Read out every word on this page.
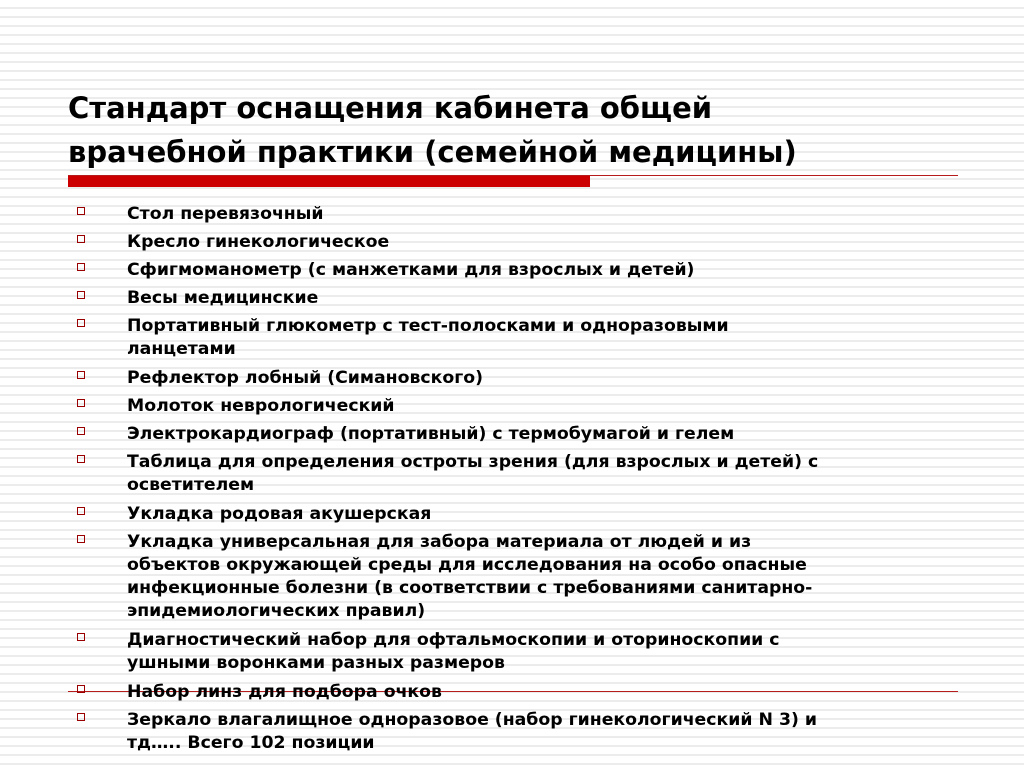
Стандарт оснащения кабинета общей
врачебной практики (семейной медицины)
Стол перевязочный
Кресло гинекологическое
Сфигмоманометр (с манжетками для взрослых и детей)
Весы медицинские
Портативный глюкометр с тест-полосками и одноразовыми
ланцетами
Рефлектор лобный (Симановского)
Молоток неврологический
Электрокардиограф (портативный) с термобумагой и гелем
Таблица для определения остроты зрения (для взрослых и детей) с
осветителем
Укладка родовая акушерская
Укладка универсальная для забора материала от людей и из
объектов окружающей среды для исследования на особо опасные
инфекционные болезни (в соответствии с требованиями санитарно-
эпидемиологических правил)
Диагностический набор для офтальмоскопии и оториноскопии с
ушными воронками разных размеров
Набор линз для подбора очков
Зеркало влагалищное одноразовое (набор гинекологический N 3) и
тд….. Всего 102 позиции
